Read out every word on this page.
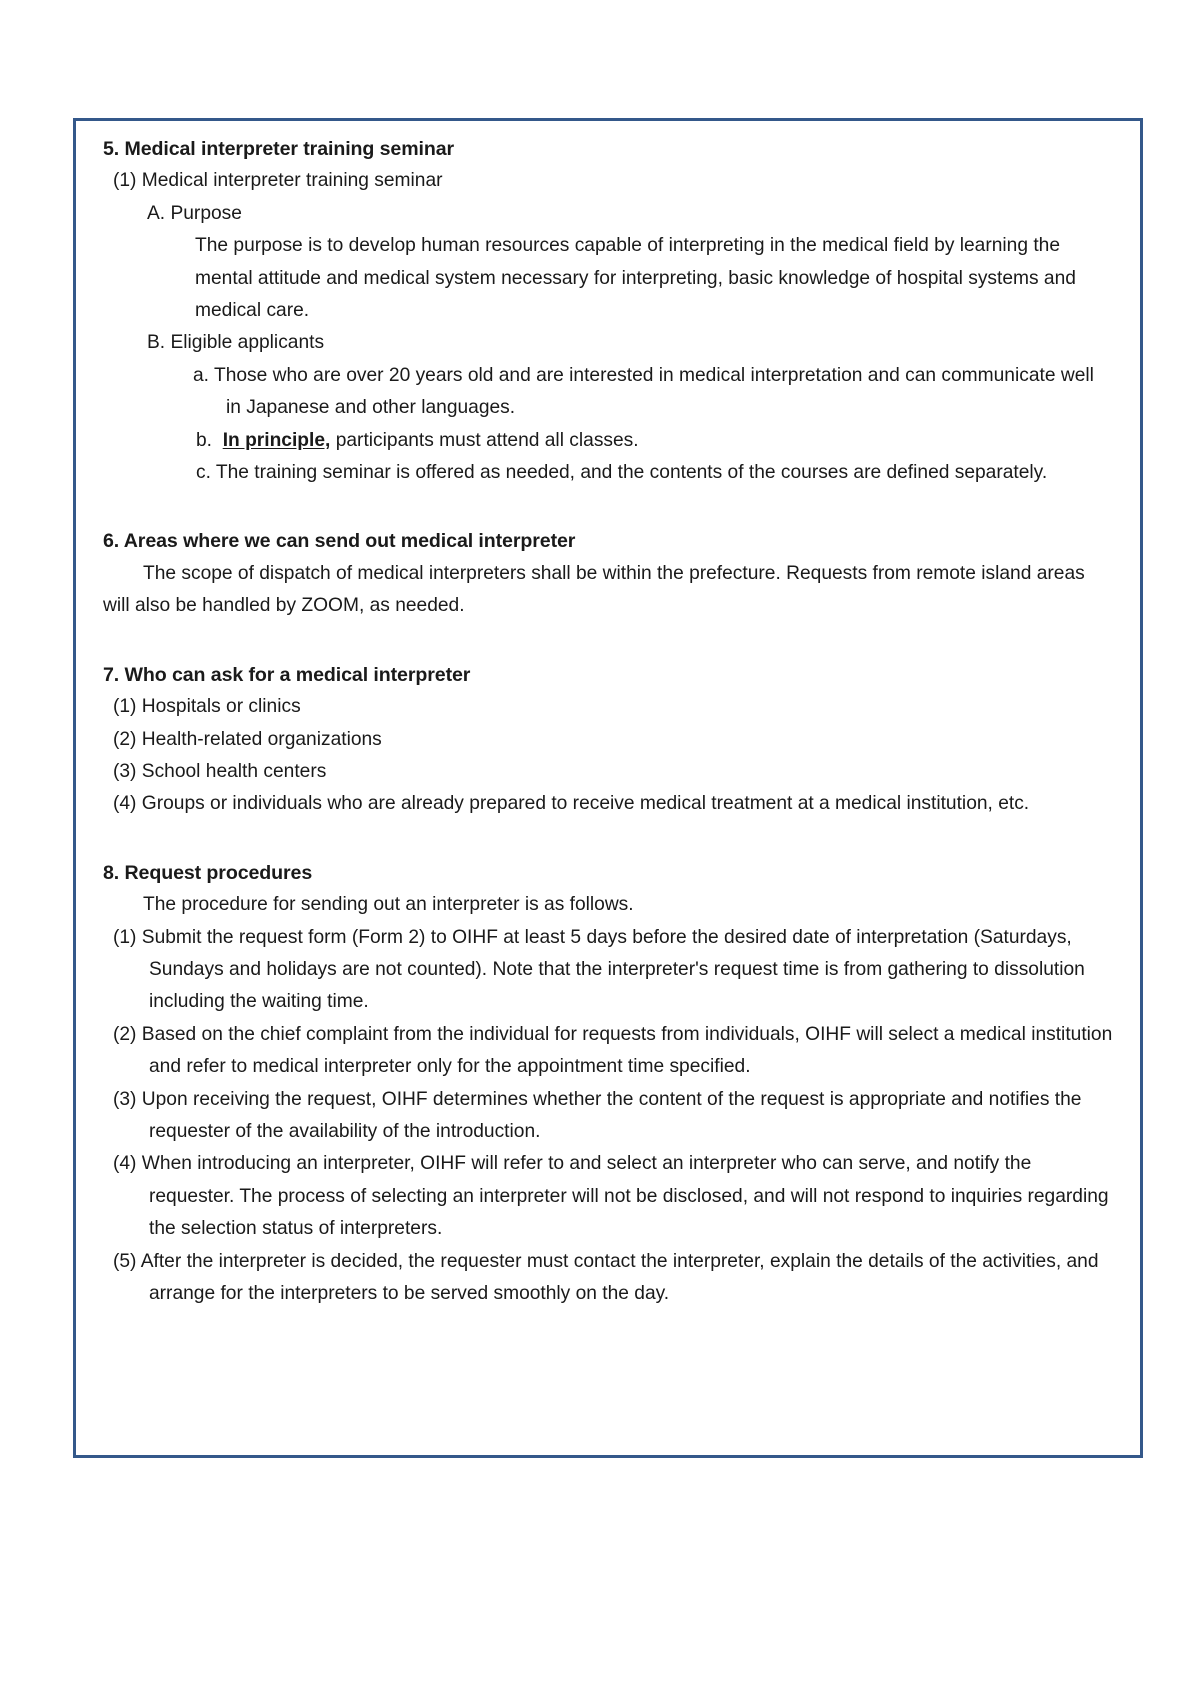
5. Medical interpreter training seminar

(1) Medical interpreter training seminar

A. Purpose

The purpose is to develop human resources capable of interpreting in the medical field by learning the mental attitude and medical system necessary for interpreting, basic knowledge of hospital systems and medical care.

B. Eligible applicants

a. Those who are over 20 years old and are interested in medical interpretation and can communicate well in Japanese and other languages.

b. In principle, participants must attend all classes.

c. The training seminar is offered as needed, and the contents of the courses are defined separately.

6. Areas where we can send out medical interpreter

The scope of dispatch of medical interpreters shall be within the prefecture. Requests from remote island areas will also be handled by ZOOM, as needed.

7. Who can ask for a medical interpreter

(1) Hospitals or clinics

(2) Health-related organizations

(3) School health centers

(4) Groups or individuals who are already prepared to receive medical treatment at a medical institution, etc.

8. Request procedures

The procedure for sending out an interpreter is as follows.

(1) Submit the request form (Form 2) to OIHF at least 5 days before the desired date of interpretation (Saturdays, Sundays and holidays are not counted). Note that the interpreter's request time is from gathering to dissolution including the waiting time.

(2) Based on the chief complaint from the individual for requests from individuals, OIHF will select a medical institution and refer to medical interpreter only for the appointment time specified.

(3) Upon receiving the request, OIHF determines whether the content of the request is appropriate and notifies the requester of the availability of the introduction.

(4) When introducing an interpreter, OIHF will refer to and select an interpreter who can serve, and notify the requester. The process of selecting an interpreter will not be disclosed, and will not respond to inquiries regarding the selection status of interpreters.

(5) After the interpreter is decided, the requester must contact the interpreter, explain the details of the activities, and arrange for the interpreters to be served smoothly on the day.
